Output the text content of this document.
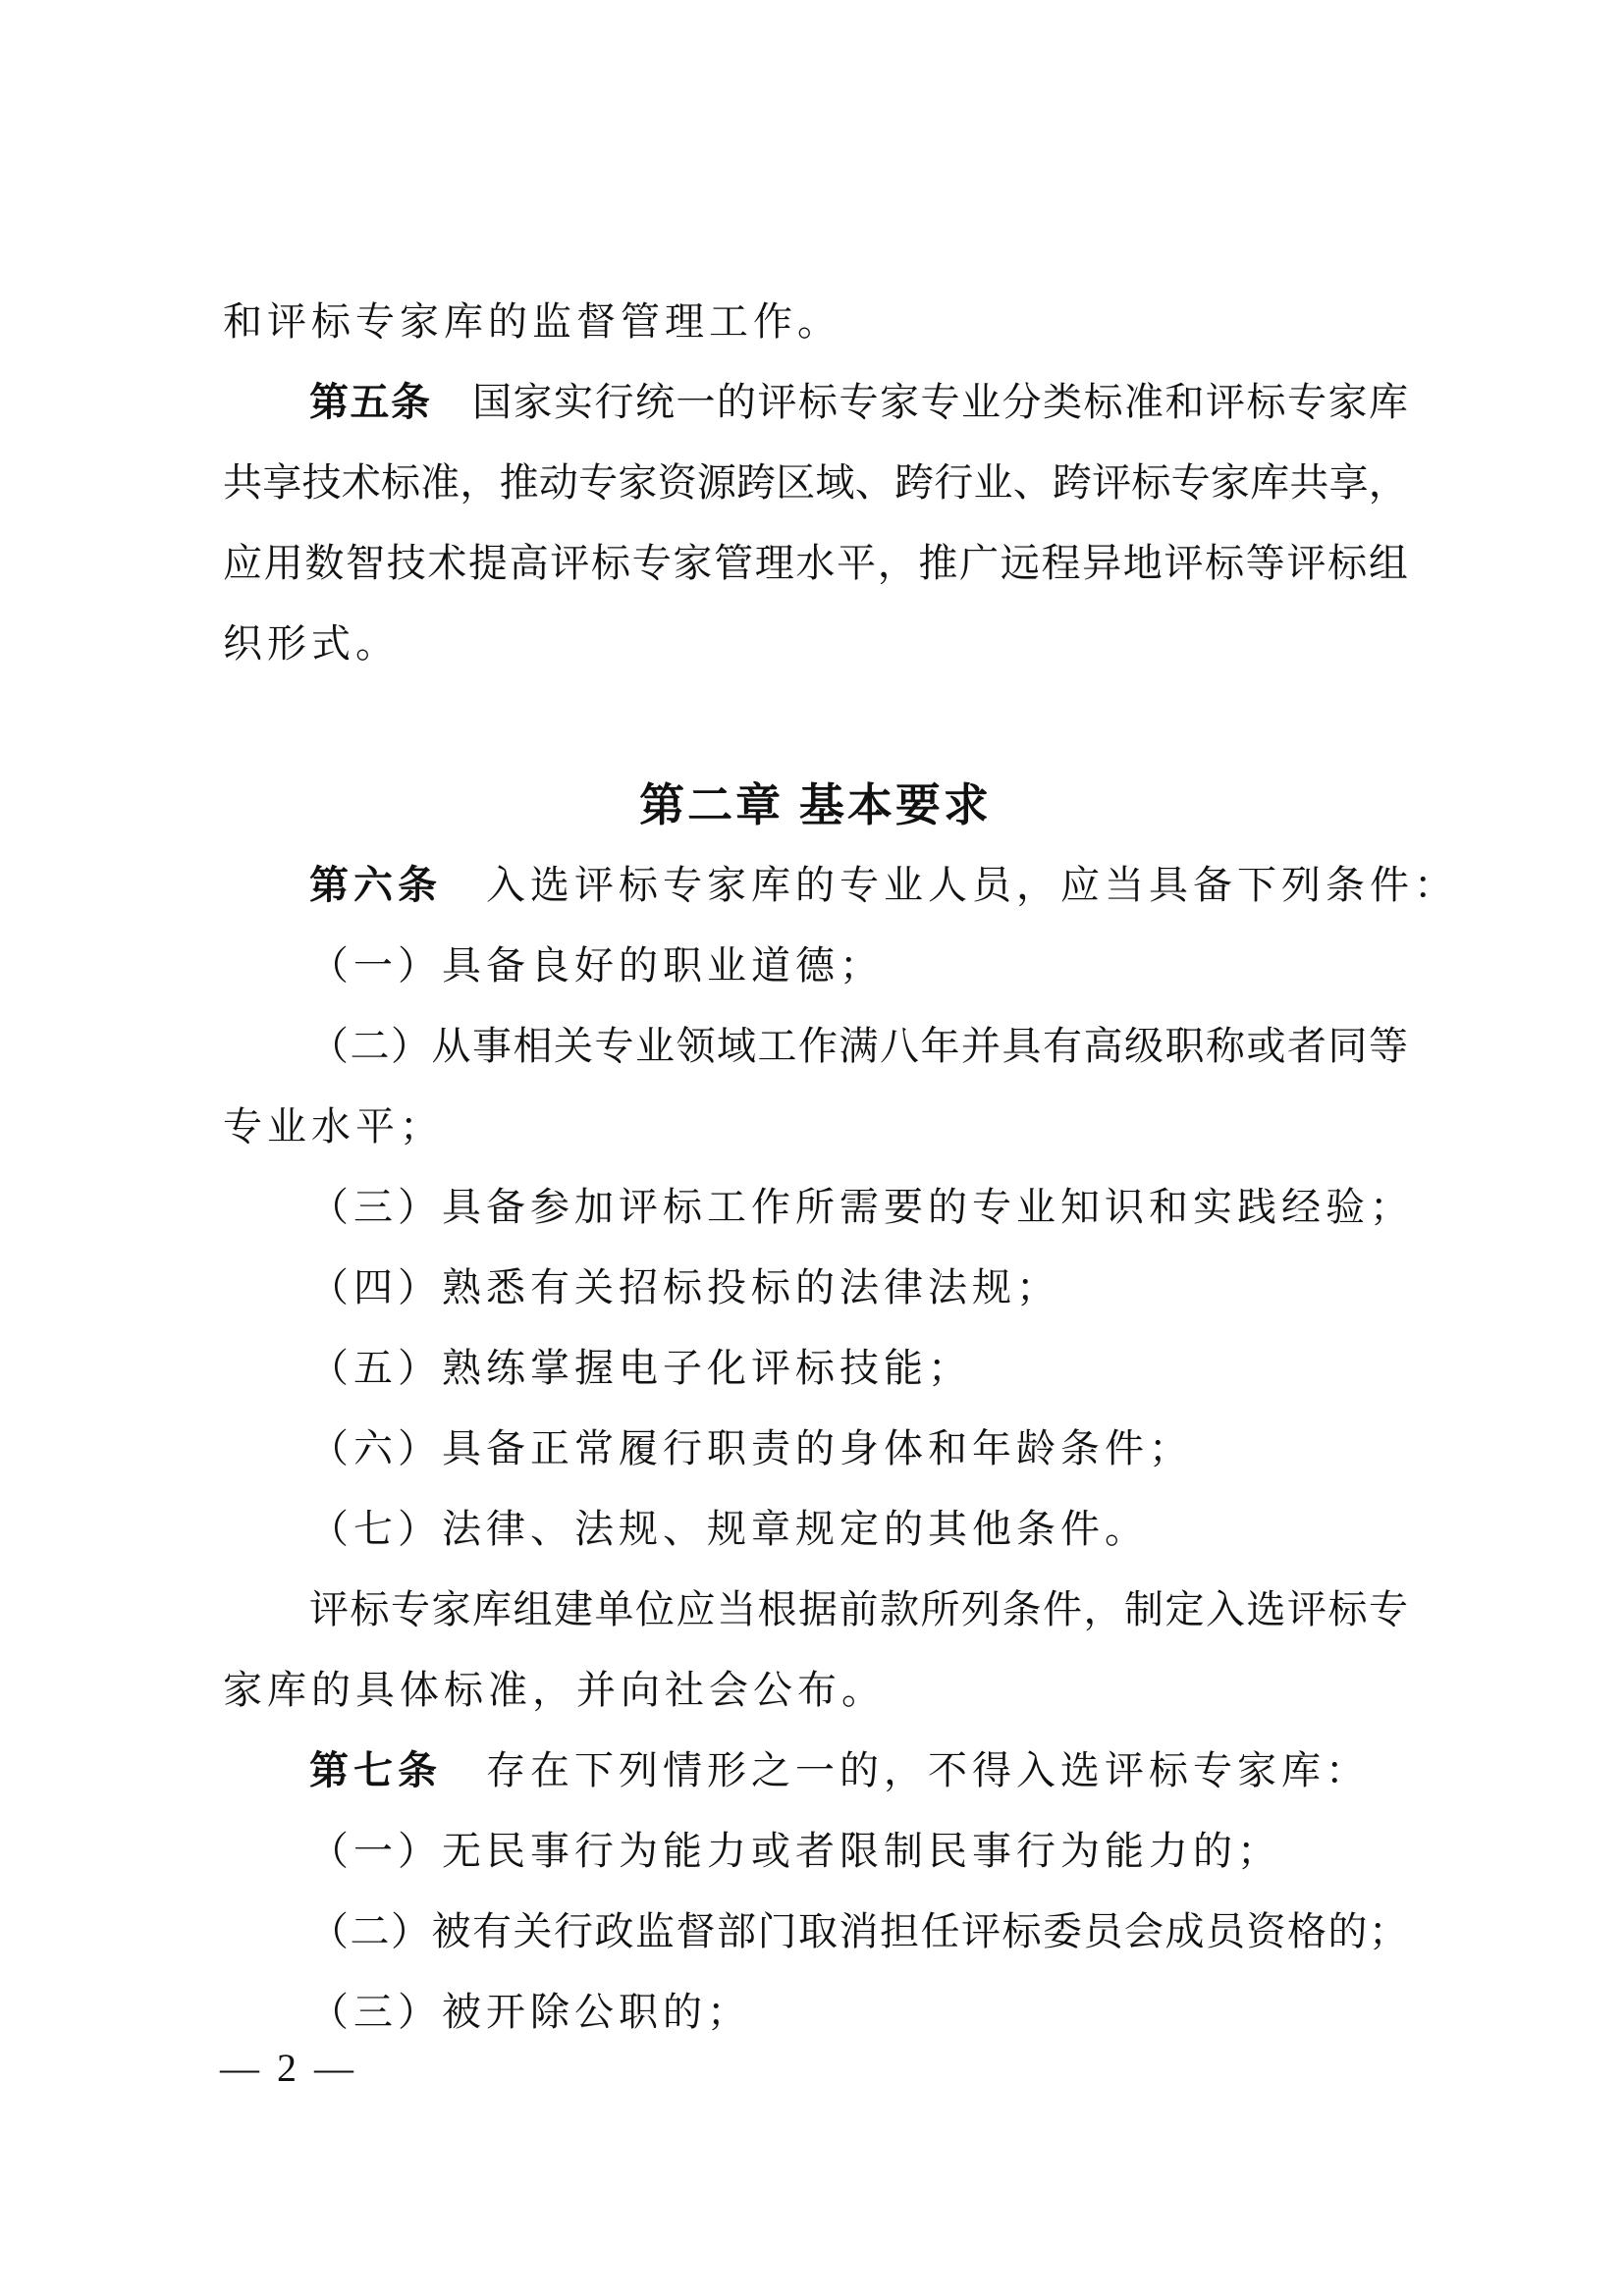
和评标专家库的监督管理工作。
第 五 条
　 国 家 实 行 统 一 的 评 标 专 家 专 业 分 类 标 准 和 评 标 专 家 库
共 享 技 术 标 准 ， 推 动 专 家 资 源 跨 区 域 、 跨 行 业 、 跨 评 标 专 家 库 共 享 ，
应 用 数 智 技 术 提 高 评 标 专 家 管 理 水 平 ， 推 广 远 程 异 地 评 标 等 评 标 组
织形式。
第二章 基本要求
第六条　 入选评标专家库的专业人员，应当具备下列条件：
（一）具备良好的职业道德；
（ 二 ） 从 事 相 关 专 业 领 域 工 作 满 八 年 并 具 有 高 级 职 称 或 者 同 等
专业水平；
（三）具备参加评标工作所需要的专业知识和实践经验；
（四）熟悉有关招标投标的法律法规；
（五）熟练掌握电子化评标技能；
（六）具备正常履行职责的身体和年龄条件；
（七）法律、法规、规章规定的其他条件。
评 标 专 家 库 组 建 单 位 应 当 根 据 前 款 所 列 条 件 ， 制 定 入 选 评 标 专
家库的具体标准，并向社会公布。
第七条　 存在下列情形之一的，不得入选评标专家库：
（一）无民事行为能力或者限制民事行为能力的；
（ 二 ） 被 有 关 行 政 监 督 部 门 取 消 担 任 评 标 委 员 会 成 员 资 格 的 ；
（三）被开除公职的；
— 2 —
